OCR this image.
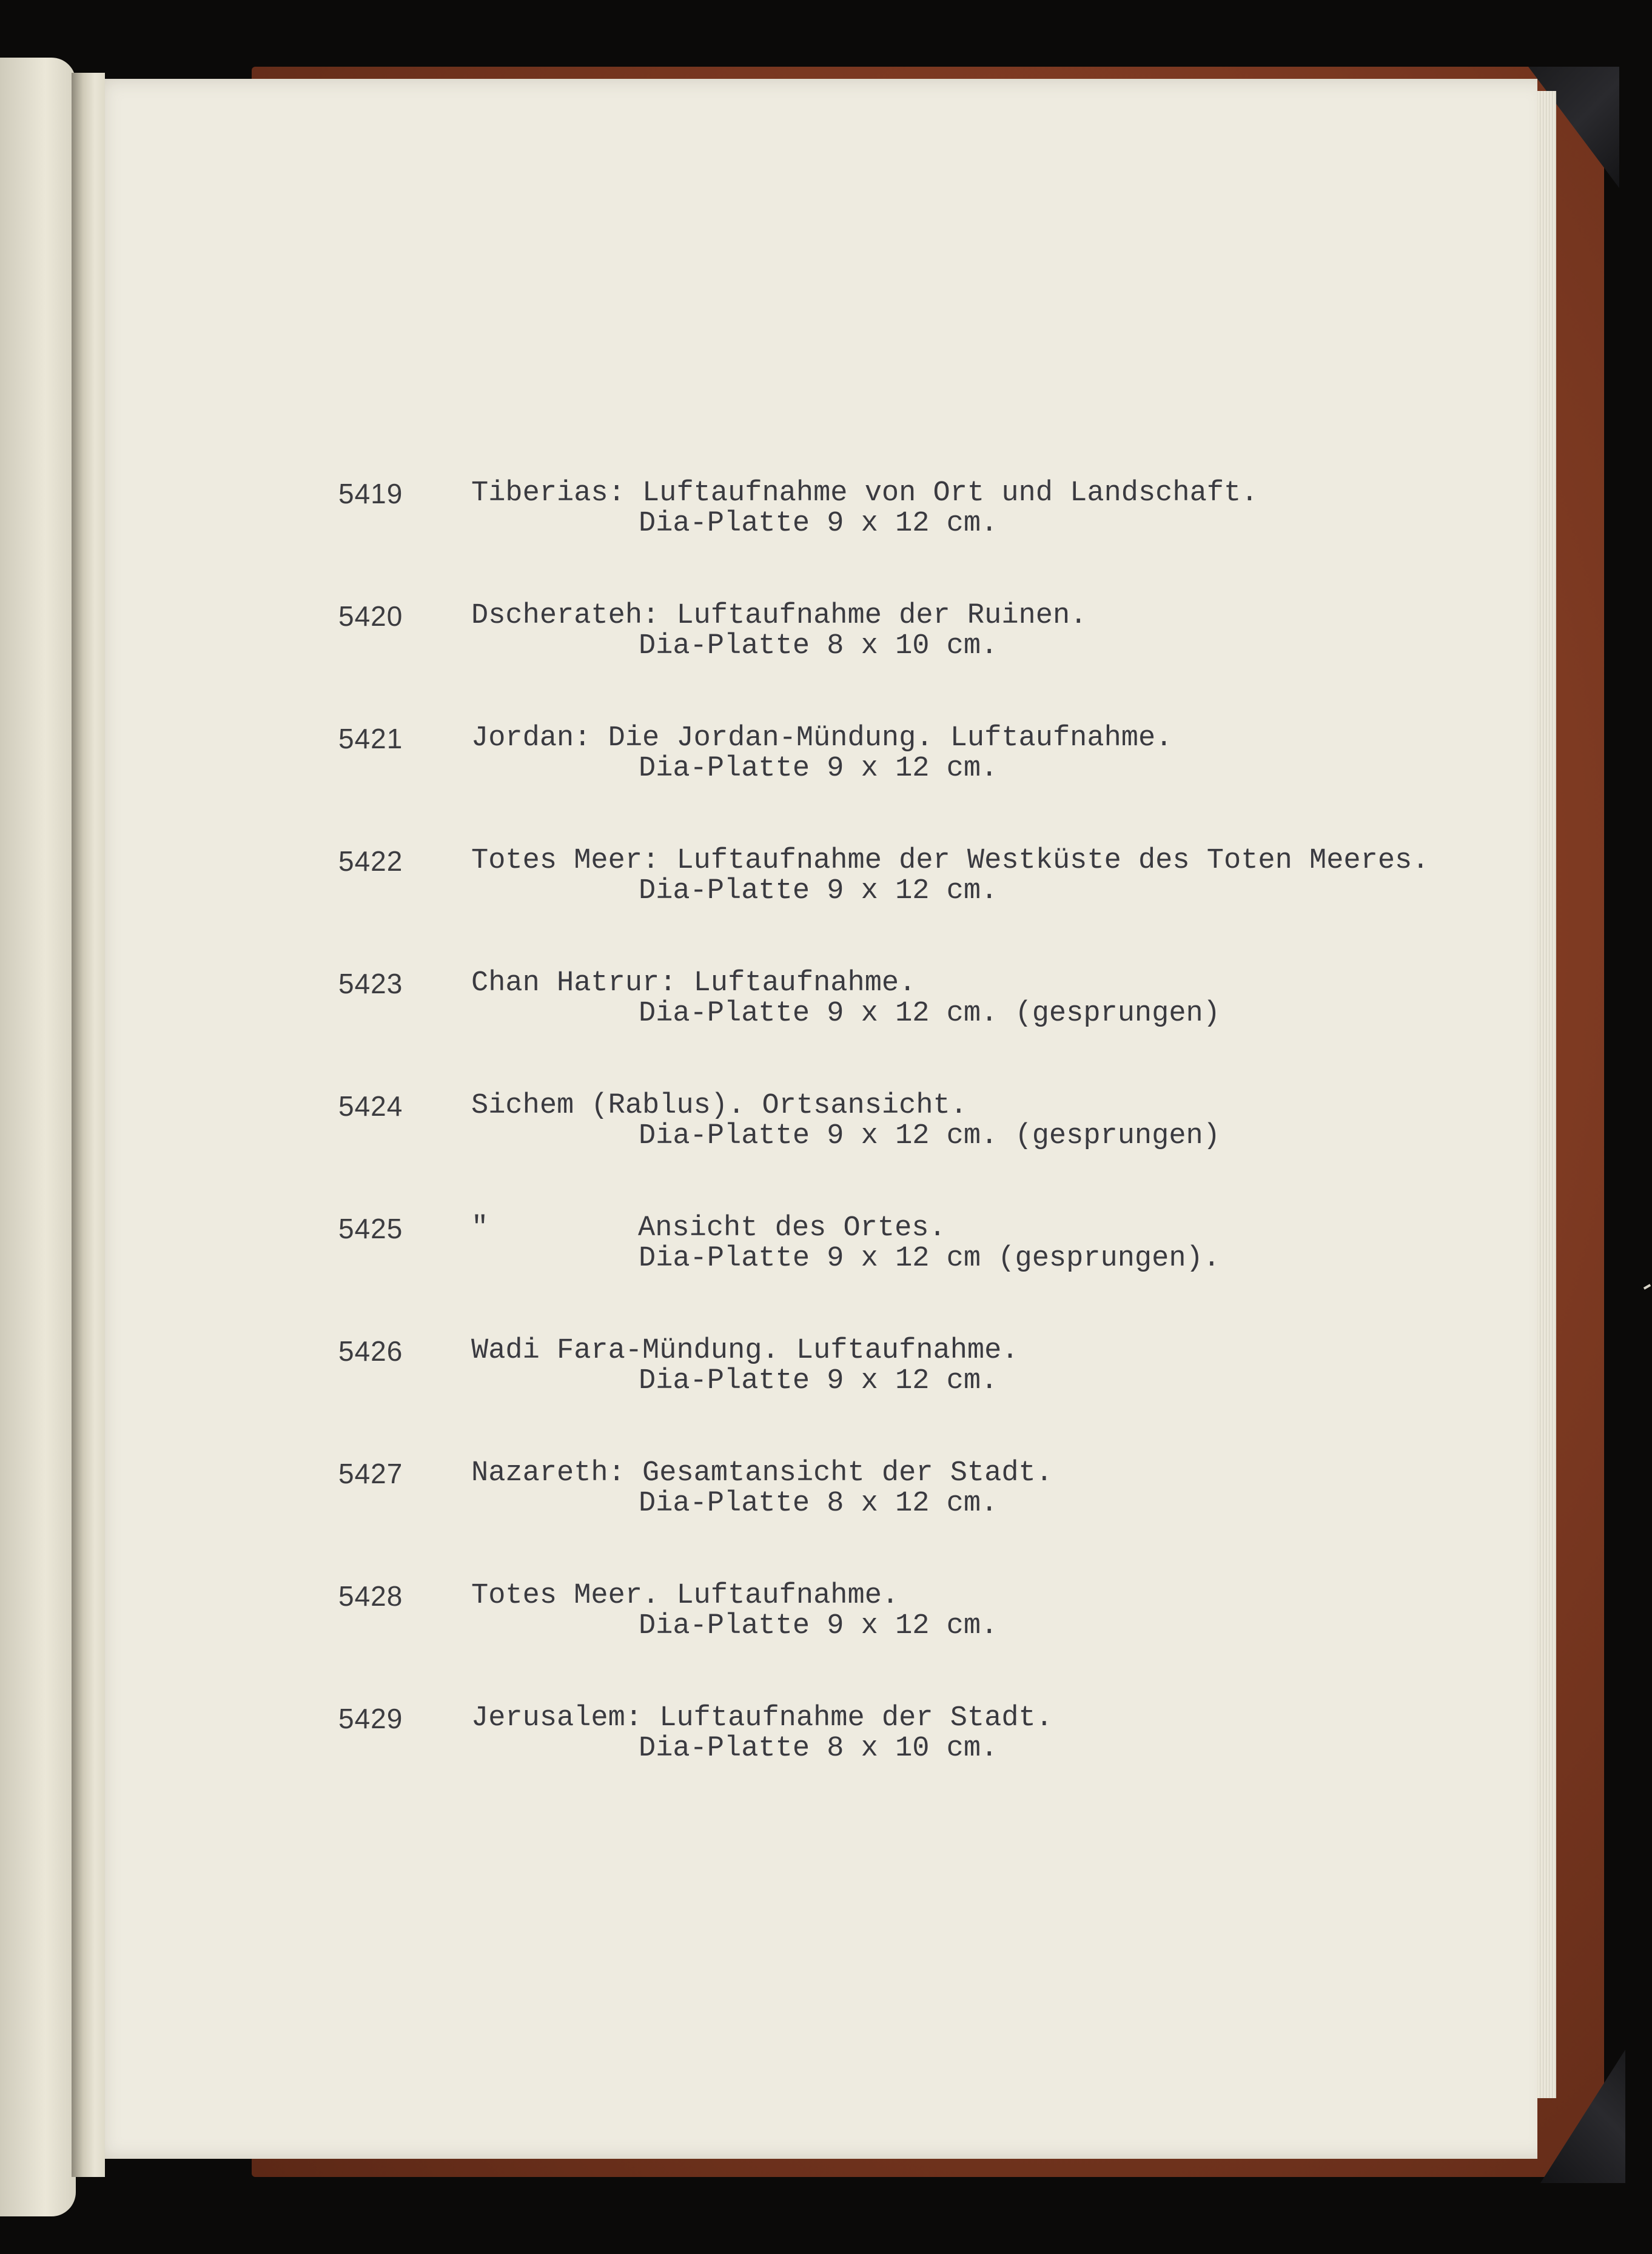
5419 Tiberias: Luftaufnahme von Ort und Landschaft.
Dia-Platte 9 x 12 cm.
5420 Dscherateh: Luftaufnahme der Ruinen.
Dia-Platte 8 x 10 cm.
5421 Jordan: Die Jordan-Mündung. Luftaufnahme.
Dia-Platte 9 x 12 cm.
5422 Totes Meer: Luftaufnahme der Westküste des Toten Meeres.
Dia-Platte 9 x 12 cm.
5423 Chan Hatrur: Luftaufnahme.
Dia-Platte 9 x 12 cm. (gesprungen)
5424 Sichem (Rablus). Ortsansicht.
Dia-Platte 9 x 12 cm. (gesprungen)
5425 "	Ansicht des Ortes.
Dia-Platte 9 x 12 cm (gesprungen).
5426 Wadi Fara-Mündung. Luftaufnahme.
Dia-Platte 9 x 12 cm.
5427 Nazareth: Gesamtansicht der Stadt.
Dia-Platte 8 x 12 cm.
5428 Totes Meer. Luftaufnahme.
Dia-Platte 9 x 12 cm.
5429 Jerusalem: Luftaufnahme der Stadt.
Dia-Platte 8 x 10 cm.
